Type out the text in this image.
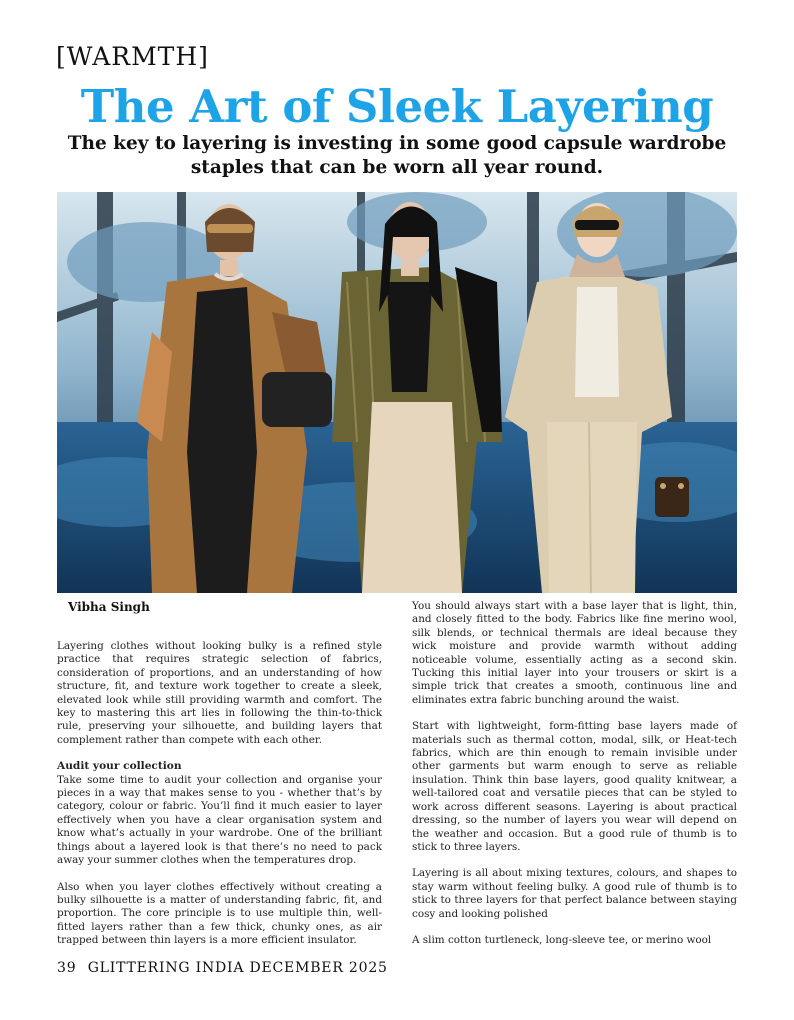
[WARMTH]
The Art of Sleek Layering
The key to layering is investing in some good capsule wardrobe staples that can be worn all year round.
Vibha Singh

Layering clothes without looking bulky is a refined style practice that requires strategic selection of fabrics, consideration of proportions, and an understanding of how structure, fit, and texture work together to create a sleek, elevated look while still providing warmth and comfort. The key to mastering this art lies in following the thin-to-thick rule, preserving your silhouette, and building layers that complement rather than compete with each other.

Audit your collection

Take some time to audit your collection and organise your pieces in a way that makes sense to you - whether that’s by category, colour or fabric. You’ll find it much easier to layer effectively when you have a clear organisation system and know what’s actually in your wardrobe. One of the brilliant things about a layered look is that there’s no need to pack away your summer clothes when the temperatures drop.

Also when you layer clothes effectively without creating a bulky silhouette is a matter of understanding fabric, fit, and proportion. The core principle is to use multiple thin, well-fitted layers rather than a few thick, chunky ones, as air trapped between thin layers is a more efficient insulator.

You should always start with a base layer that is light, thin, and closely fitted to the body. Fabrics like fine merino wool, silk blends, or technical thermals are ideal because they wick moisture and provide warmth without adding noticeable volume, essentially acting as a second skin. Tucking this initial layer into your trousers or skirt is a simple trick that creates a smooth, continuous line and eliminates extra fabric bunching around the waist.

Start with lightweight, form-fitting base layers made of materials such as thermal cotton, modal, silk, or Heat-tech fabrics, which are thin enough to remain invisible under other garments but warm enough to serve as reliable insulation. Think thin base layers, good quality knitwear, a well-tailored coat and versatile pieces that can be styled to work across different seasons. Layering is about practical dressing, so the number of layers you wear will depend on the weather and occasion. But a good rule of thumb is to stick to three layers.

Layering is all about mixing textures, colours, and shapes to stay warm without feeling bulky. A good rule of thumb is to stick to three layers for that perfect balance between staying cosy and looking polished

A slim cotton turtleneck, long-sleeve tee, or merino wool

39 GLITTERING INDIA DECEMBER 2025
